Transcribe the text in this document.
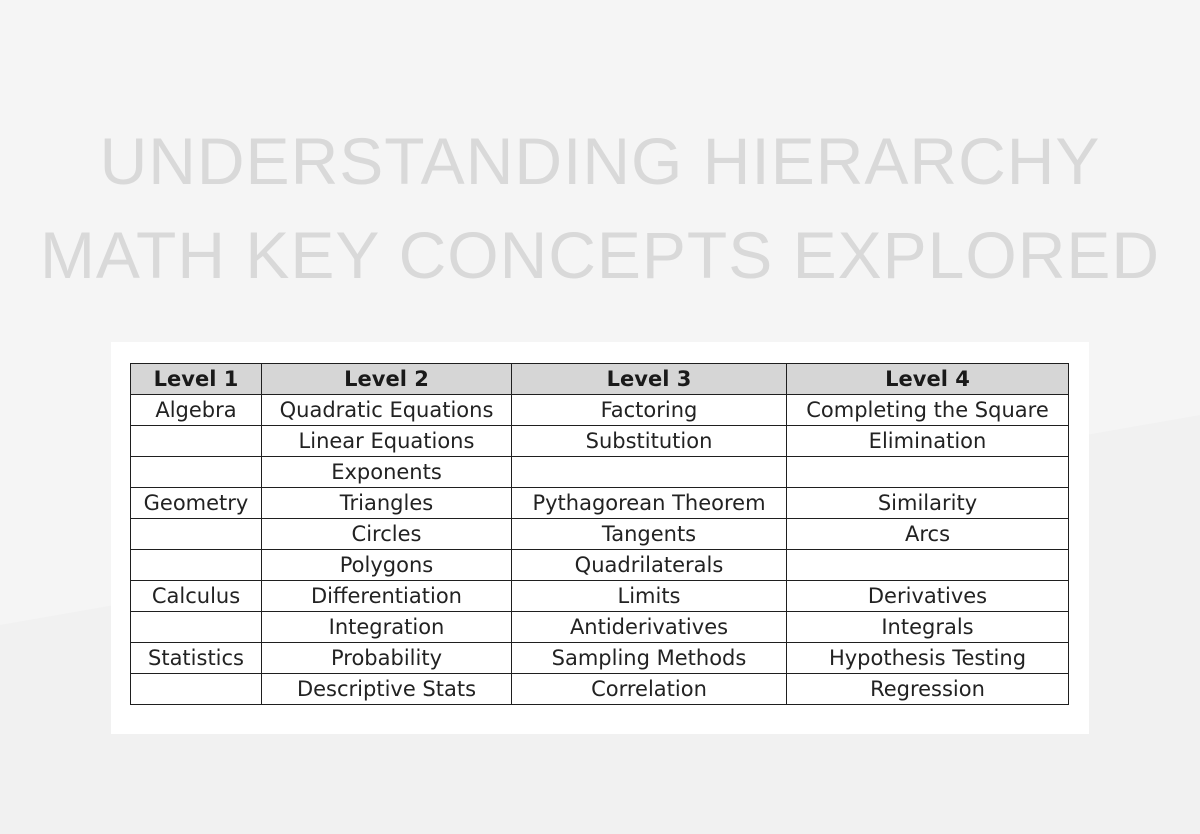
UNDERSTANDING HIERARCHY
MATH KEY CONCEPTS EXPLORED
Level 1	Level 2	Level 3	Level 4
Algebra	Quadratic Equations	Factoring	Completing the Square
	Linear Equations	Substitution	Elimination
	Exponents		
Geometry	Triangles	Pythagorean Theorem	Similarity
	Circles	Tangents	Arcs
	Polygons	Quadrilaterals	
Calculus	Differentiation	Limits	Derivatives
	Integration	Antiderivatives	Integrals
Statistics	Probability	Sampling Methods	Hypothesis Testing
	Descriptive Stats	Correlation	Regression
